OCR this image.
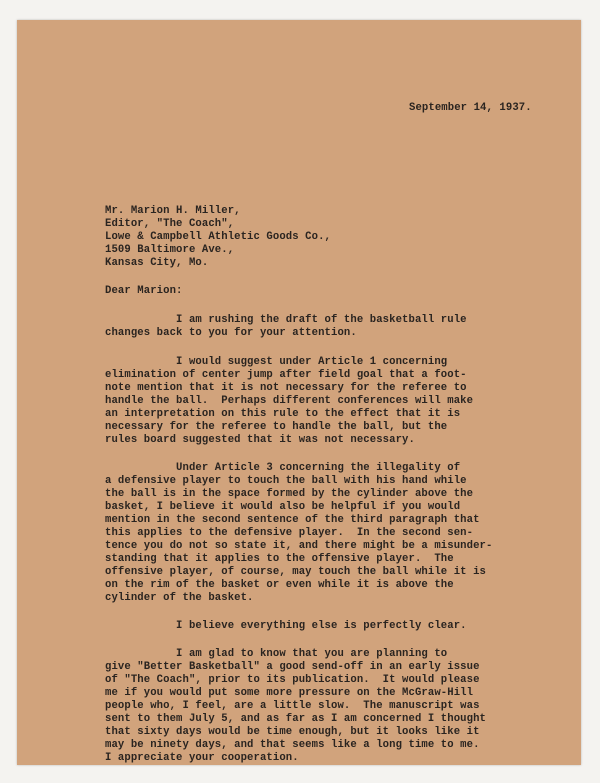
September 14, 1937.
Mr. Marion H. Miller,
Editor, "The Coach",
Lowe & Campbell Athletic Goods Co.,
1509 Baltimore Ave.,
Kansas City, Mo.
Dear Marion:
I am rushing the draft of the basketball rule
changes back to you for your attention.
I would suggest under Article 1 concerning
elimination of center jump after field goal that a foot-
note mention that it is not necessary for the referee to
handle the ball.  Perhaps different conferences will make
an interpretation on this rule to the effect that it is
necessary for the referee to handle the ball, but the
rules board suggested that it was not necessary.
Under Article 3 concerning the illegality of
a defensive player to touch the ball with his hand while
the ball is in the space formed by the cylinder above the
basket, I believe it would also be helpful if you would
mention in the second sentence of the third paragraph that
this applies to the defensive player.  In the second sen-
tence you do not so state it, and there might be a misunder-
standing that it applies to the offensive player.  The
offensive player, of course, may touch the ball while it is
on the rim of the basket or even while it is above the
cylinder of the basket.
I believe everything else is perfectly clear.
I am glad to know that you are planning to
give "Better Basketball" a good send-off in an early issue
of "The Coach", prior to its publication.  It would please
me if you would put some more pressure on the McGraw-Hill
people who, I feel, are a little slow.  The manuscript was
sent to them July 5, and as far as I am concerned I thought
that sixty days would be time enough, but it looks like it
may be ninety days, and that seems like a long time to me.
I appreciate your cooperation.
